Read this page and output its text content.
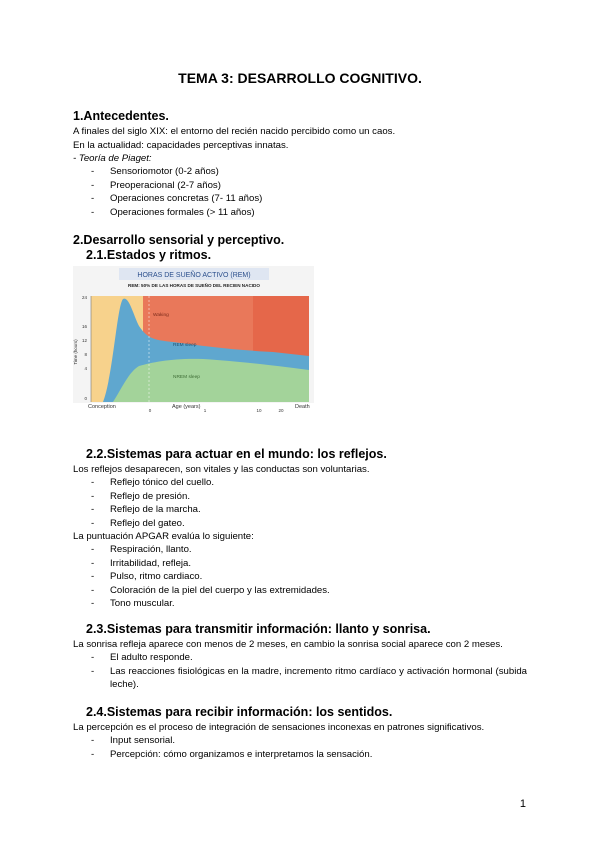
TEMA 3: DESARROLLO COGNITIVO.
1.Antecedentes.
A finales del siglo XIX: el entorno del recién nacido percibido como un caos.
En la actualidad: capacidades perceptivas innatas.
- Teoría de Piaget:
- Sensoriomotor (0-2 años)
- Preoperacional (2-7 años)
- Operaciones concretas (7- 11 años)
- Operaciones formales (> 11 años)
2.Desarrollo sensorial y perceptivo.
2.1.Estados y ritmos.
HORAS DE SUEÑO ACTIVO (REM)
REM: 50% DE LAS HORAS DE SUEÑO DEL RECIEN NACIDO
24
16
12
8
4
0
0	1	10	20
Time (hours)	REM sleep
Waking
NREM sleep
Conception	Age (years)	Death
2.2.Sistemas para actuar en el mundo: los reflejos.
Los reflejos desaparecen, son vitales y las conductas son voluntarias.
- Reflejo tónico del cuello.
- Reflejo de presión.
- Reflejo de la marcha.
- Reflejo del gateo.
La puntuación APGAR evalúa lo siguiente:
- Respiración, llanto.
- Irritabilidad, refleja.
- Pulso, ritmo cardiaco.
- Coloración de la piel del cuerpo y las extremidades.
- Tono muscular.
2.3.Sistemas para transmitir información: llanto y sonrisa.
La sonrisa refleja aparece con menos de 2 meses, en cambio la sonrisa social aparece con 2 meses.
- El adulto responde.
- Las reacciones fisiológicas en la madre, incremento ritmo cardíaco y activación hormonal (subida leche).
2.4.Sistemas para recibir información: los sentidos.
La percepción es el proceso de integración de sensaciones inconexas en patrones significativos.
- Input sensorial.
- Percepción: cómo organizamos e interpretamos la sensación.
1
